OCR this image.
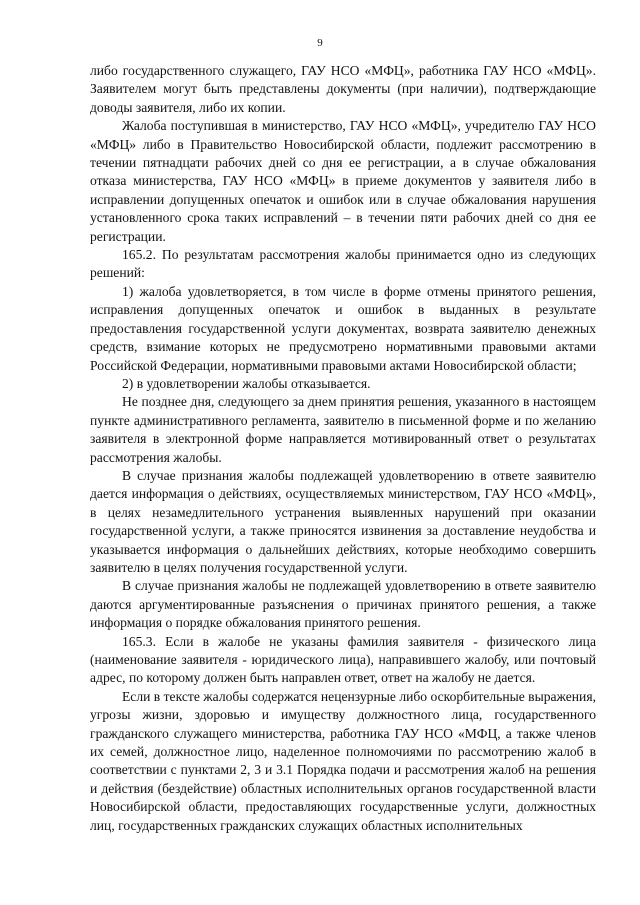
9

либо государственного служащего, ГАУ НСО «МФЦ», работника ГАУ НСО «МФЦ». Заявителем могут быть представлены документы (при наличии), подтверждающие доводы заявителя, либо их копии.

Жалоба поступившая в министерство, ГАУ НСО «МФЦ», учредителю ГАУ НСО «МФЦ» либо в Правительство Новосибирской области, подлежит рассмотрению в течении пятнадцати рабочих дней со дня ее регистрации, а в случае обжалования отказа министерства, ГАУ НСО «МФЦ» в приеме документов у заявителя либо в исправлении допущенных опечаток и ошибок или в случае обжалования нарушения установленного срока таких исправлений – в течении пяти рабочих дней со дня ее регистрации.

165.2. По результатам рассмотрения жалобы принимается одно из следующих решений:

1) жалоба удовлетворяется, в том числе в форме отмены принятого решения, исправления допущенных опечаток и ошибок в выданных в результате предоставления государственной услуги документах, возврата заявителю денежных средств, взимание которых не предусмотрено нормативными правовыми актами Российской Федерации, нормативными правовыми актами Новосибирской области;

2) в удовлетворении жалобы отказывается.

Не позднее дня, следующего за днем принятия решения, указанного в настоящем пункте административного регламента, заявителю в письменной форме и по желанию заявителя в электронной форме направляется мотивированный ответ о результатах рассмотрения жалобы.

В случае признания жалобы подлежащей удовлетворению в ответе заявителю дается информация о действиях, осуществляемых министерством, ГАУ НСО «МФЦ», в целях незамедлительного устранения выявленных нарушений при оказании государственной услуги, а также приносятся извинения за доставление неудобства и указывается информация о дальнейших действиях, которые необходимо совершить заявителю в целях получения государственной услуги.

В случае признания жалобы не подлежащей удовлетворению в ответе заявителю даются аргументированные разъяснения о причинах принятого решения, а также информация о порядке обжалования принятого решения.

165.3. Если в жалобе не указаны фамилия заявителя - физического лица (наименование заявителя - юридического лица), направившего жалобу, или почтовый адрес, по которому должен быть направлен ответ, ответ на жалобу не дается.

Если в тексте жалобы содержатся нецензурные либо оскорбительные выражения, угрозы жизни, здоровью и имуществу должностного лица, государственного гражданского служащего министерства, работника ГАУ НСО «МФЦ, а также членов их семей, должностное лицо, наделенное полномочиями по рассмотрению жалоб в соответствии с пунктами 2, 3 и 3.1 Порядка подачи и рассмотрения жалоб на решения и действия (бездействие) областных исполнительных органов государственной власти Новосибирской области, предоставляющих государственные услуги, должностных лиц, государственных гражданских служащих областных исполнительных
